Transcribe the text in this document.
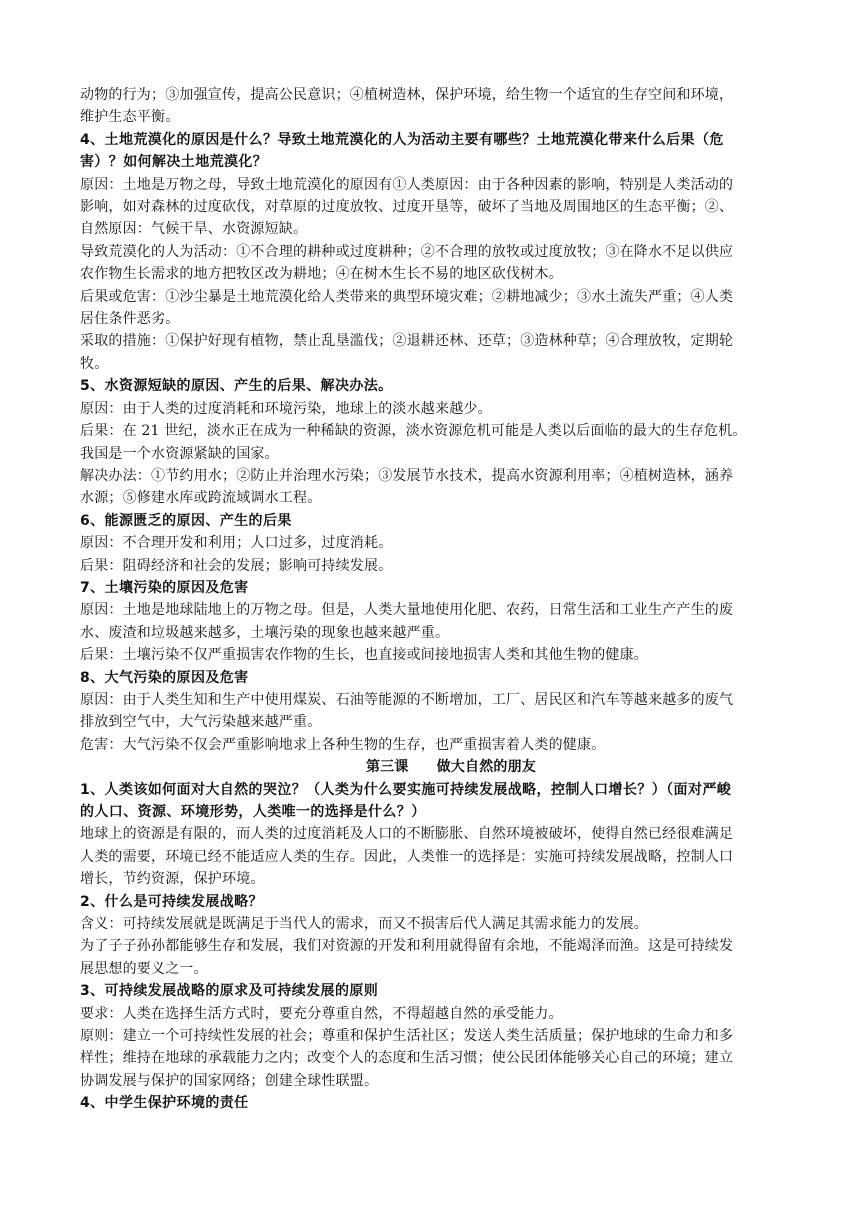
动物的行为；③加强宣传，提高公民意识；④植树造林，保护环境，给生物一个适宜的生存空间和环境，
维护生态平衡。
4、土地荒漠化的原因是什么？导致土地荒漠化的人为活动主要有哪些？土地荒漠化带来什么后果（危
害）？如何解决土地荒漠化？
原因：土地是万物之母，导致土地荒漠化的原因有①人类原因：由于各种因素的影响，特别是人类活动的
影响，如对森林的过度砍伐，对草原的过度放牧、过度开垦等，破坏了当地及周围地区的生态平衡；②、
自然原因：气候干旱、水资源短缺。
导致荒漠化的人为活动：①不合理的耕种或过度耕种；②不合理的放牧或过度放牧；③在降水不足以供应
农作物生长需求的地方把牧区改为耕地；④在树木生长不易的地区砍伐树木。
后果或危害：①沙尘暴是土地荒漠化给人类带来的典型环境灾难；②耕地减少；③水土流失严重；④人类
居住条件恶劣。
采取的措施：①保护好现有植物，禁止乱垦滥伐；②退耕还林、还草；③造林种草；④合理放牧，定期轮
牧。
5、水资源短缺的原因、产生的后果、解决办法。
原因：由于人类的过度消耗和环境污染，地球上的淡水越来越少。
后果：在 21 世纪，淡水正在成为一种稀缺的资源，淡水资源危机可能是人类以后面临的最大的生存危机。
我国是一个水资源紧缺的国家。
解决办法：①节约用水；②防止并治理水污染；③发展节水技术，提高水资源利用率；④植树造林，涵养
水源；⑤修建水库或跨流域调水工程。
6、能源匮乏的原因、产生的后果
原因：不合理开发和利用；人口过多，过度消耗。
后果：阻碍经济和社会的发展；影响可持续发展。
7、土壤污染的原因及危害
原因：土地是地球陆地上的万物之母。但是，人类大量地使用化肥、农药，日常生活和工业生产产生的废
水、废渣和垃圾越来越多，土壤污染的现象也越来越严重。
后果：土壤污染不仅严重损害农作物的生长，也直接或间接地损害人类和其他生物的健康。
8、大气污染的原因及危害
原因：由于人类生知和生产中使用煤炭、石油等能源的不断增加，工厂、居民区和汽车等越来越多的废气
排放到空气中，大气污染越来越严重。
危害：大气污染不仅会严重影响地求上各种生物的生存，也严重损害着人类的健康。
第三课 做大自然的朋友
1、人类该如何面对大自然的哭泣？（人类为什么要实施可持续发展战略，控制人口增长？）（面对严峻
的人口、资源、环境形势，人类唯一的选择是什么？）
地球上的资源是有限的，而人类的过度消耗及人口的不断膨胀、自然环境被破坏，使得自然已经很难满足
人类的需要，环境已经不能适应人类的生存。因此，人类惟一的选择是：实施可持续发展战略，控制人口
增长，节约资源，保护环境。
2、什么是可持续发展战略？
含义：可持续发展就是既满足于当代人的需求，而又不损害后代人满足其需求能力的发展。
为了子子孙孙都能够生存和发展，我们对资源的开发和利用就得留有余地，不能竭泽而渔。这是可持续发
展思想的要义之一。
3、可持续发展战略的原求及可持续发展的原则
要求：人类在选择生活方式时，要充分尊重自然，不得超越自然的承受能力。
原则：建立一个可持续性发展的社会；尊重和保护生活社区；发送人类生活质量；保护地球的生命力和多
样性；维持在地球的承载能力之内；改变个人的态度和生活习惯；使公民团体能够关心自己的环境；建立
协调发展与保护的国家网络；创建全球性联盟。
4、中学生保护环境的责任
